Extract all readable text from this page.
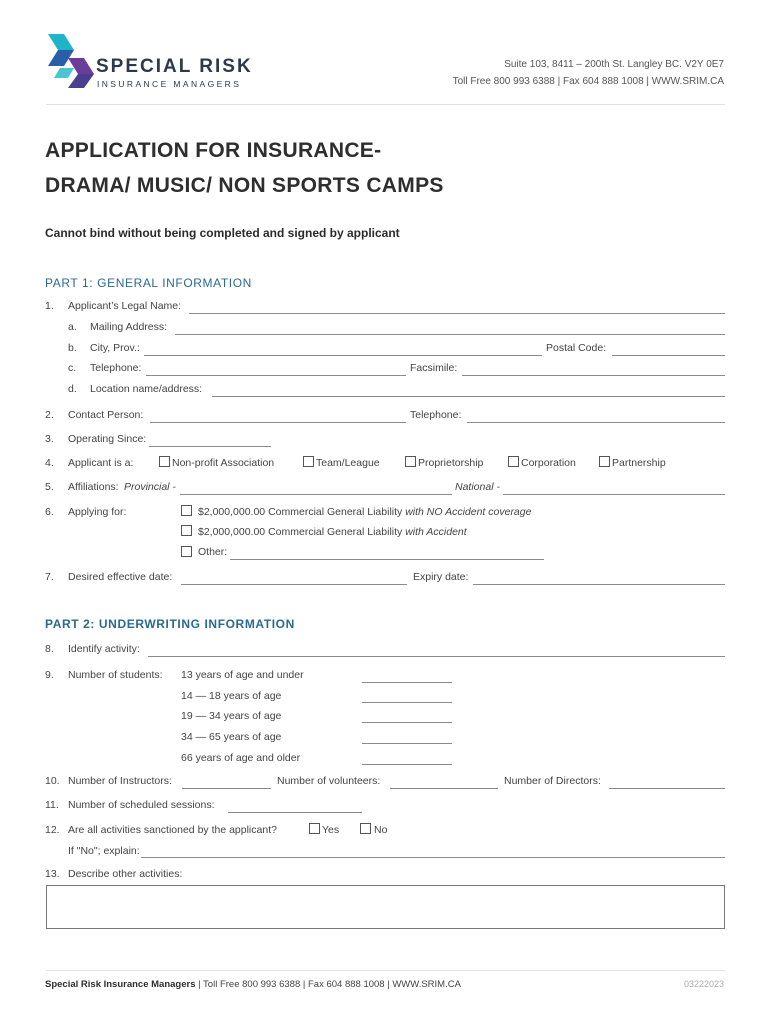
SPECIAL RISK
INSURANCE MANAGERS
Suite 103, 8411 – 200th St. Langley BC. V2Y 0E7
Toll Free 800 993 6388 | Fax 604 888 1008 | WWW.SRIM.CA
APPLICATION FOR INSURANCE-
DRAMA/ MUSIC/ NON SPORTS CAMPS
Cannot bind without being completed and signed by applicant
PART 1: GENERAL INFORMATION
1. Applicant’s Legal Name:
a. Mailing Address:
b. City, Prov.:	Postal Code:
c. Telephone:	Facsimile:
d. Location name/address:
2. Contact Person:	Telephone:
3. Operating Since:
4. Applicant is a:	Non-profit Association	Team/League	Proprietorship	Corporation	Partnership
5. Affiliations: Provincial -	National -
6. Applying for:	$2,000,000.00 Commercial General Liability with NO Accident coverage
$2,000,000.00 Commercial General Liability with Accident
Other:
7. Desired effective date:	Expiry date:
PART 2: UNDERWRITING INFORMATION
8. Identify activity:
9. Number of students: 13 years of age and under
14 — 18 years of age
19 — 34 years of age
34 — 65 years of age
66 years of age and older
10. Number of Instructors:	Number of volunteers:	Number of Directors:
11. Number of scheduled sessions:
12. Are all activities sanctioned by the applicant?	Yes	No
If "No"; explain:
13. Describe other activities:
Special Risk Insurance Managers | Toll Free 800 993 6388 | Fax 604 888 1008 | WWW.SRIM.CA	03222023
